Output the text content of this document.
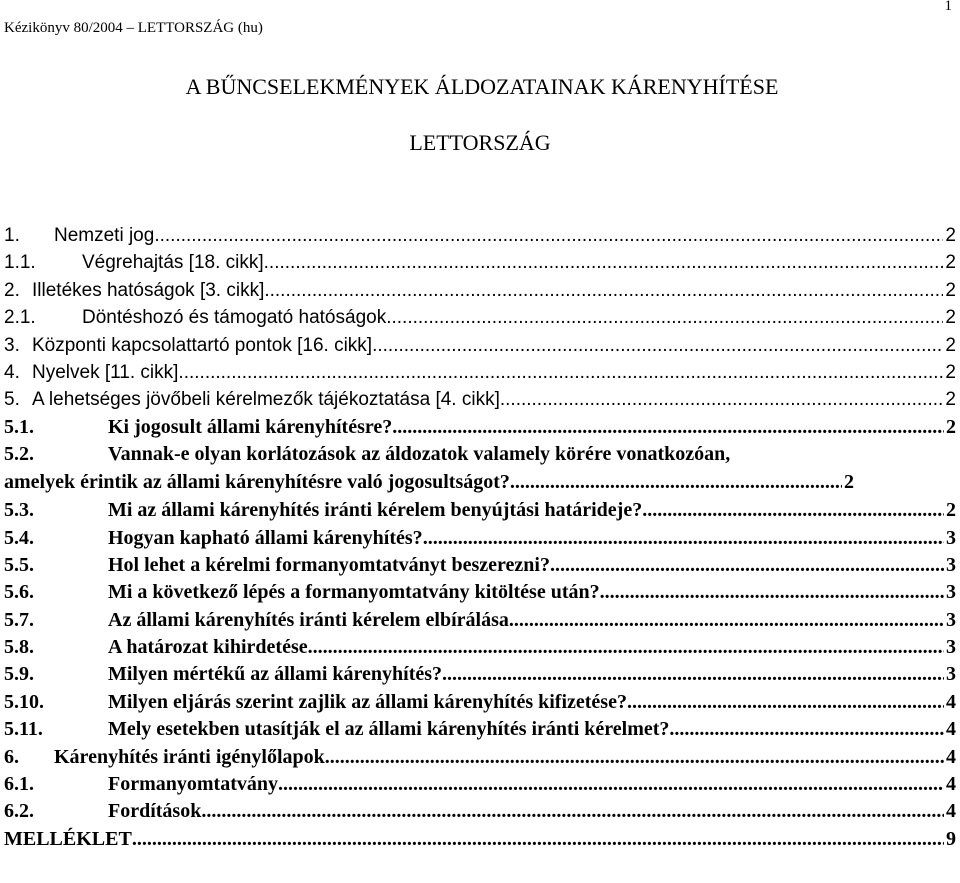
Kézikönyv 80/2004 – LETTORSZÁG (hu)
1
A BŰNCSELEKMÉNYEK ÁLDOZATAINAK KÁRENYHÍTÉSE
LETTORSZÁG
1. Nemzeti jog .....	2
1.1. Végrehajtás [18. cikk] .....	2
2. Illetékes hatóságok [3. cikk] .....	2
2.1. Döntéshozó és támogató hatóságok .....	2
3. Központi kapcsolattartó pontok [16. cikk] .....	2
4. Nyelvek [11. cikk] .....	2
5. A lehetséges jövőbeli kérelmezők tájékoztatása [4. cikk] .....	2
5.1.	Ki jogosult állami kárenyhítésre? .....	2
5.2.	Vannak-e olyan korlátozások az áldozatok valamely körére vonatkozóan,
amelyek érintik az állami kárenyhítésre való jogosultságot? .....	2
5.3.	Mi az állami kárenyhítés iránti kérelem benyújtási határideje? .....	2
5.4.	Hogyan kapható állami kárenyhítés? .....	3
5.5.	Hol lehet a kérelmi formanyomtatványt beszerezni? .....	3
5.6.	Mi a következő lépés a formanyomtatvány kitöltése után? .....	3
5.7.	Az állami kárenyhítés iránti kérelem elbírálása .....	3
5.8.	A határozat kihirdetése .....	3
5.9.	Milyen mértékű az állami kárenyhítés? .....	3
5.10.	Milyen eljárás szerint zajlik az állami kárenyhítés kifizetése? .....	4
5.11.	Mely esetekben utasítják el az állami kárenyhítés iránti kérelmet? .....	4
6. Kárenyhítés iránti igénylőlapok .....	4
6.1.	Formanyomtatvány .....	4
6.2.	Fordítások .....	4
MELLÉKLET .....	9
